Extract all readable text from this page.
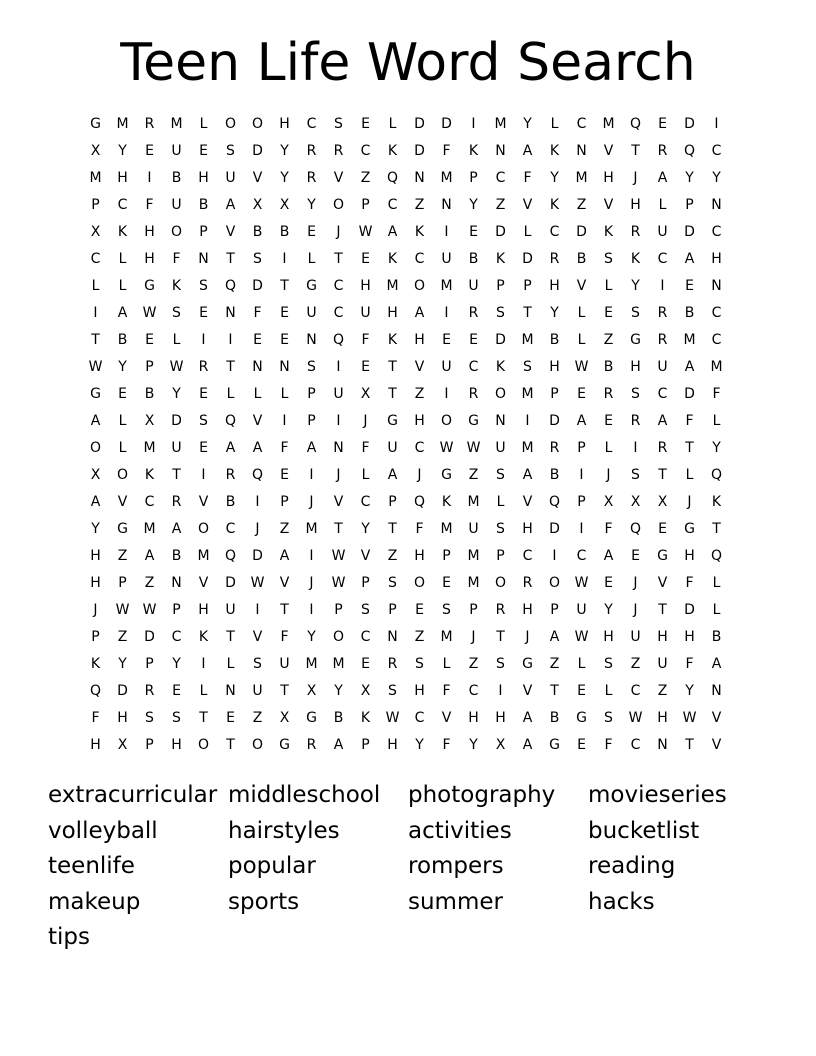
Teen Life Word Search
G	M	R	M	L	O	O	H	C	S	E	L	D	D	I	M	Y	L	C	M	Q	E	D	I
X	Y	E	U	E	S	D	Y	R	R	C	K	D	F	K	N	A	K	N	V	T	R	Q	C
M	H	I	B	H	U	V	Y	R	V	Z	Q	N	M	P	C	F	Y	M	H	J	A	Y	Y
P	C	F	U	B	A	X	X	Y	O	P	C	Z	N	Y	Z	V	K	Z	V	H	L	P	N
X	K	H	O	P	V	B	B	E	J	W	A	K	I	E	D	L	C	D	K	R	U	D	C
C	L	H	F	N	T	S	I	L	T	E	K	C	U	B	K	D	R	B	S	K	C	A	H
L	L	G	K	S	Q	D	T	G	C	H	M	O	M	U	P	P	H	V	L	Y	I	E	N
I	A	W	S	E	N	F	E	U	C	U	H	A	I	R	S	T	Y	L	E	S	R	B	C
T	B	E	L	I	I	E	E	N	Q	F	K	H	E	E	D	M	B	L	Z	G	R	M	C
W	Y	P	W	R	T	N	N	S	I	E	T	V	U	C	K	S	H	W	B	H	U	A	M
G	E	B	Y	E	L	L	L	P	U	X	T	Z	I	R	O	M	P	E	R	S	C	D	F
A	L	X	D	S	Q	V	I	P	I	J	G	H	O	G	N	I	D	A	E	R	A	F	L
O	L	M	U	E	A	A	F	A	N	F	U	C	W W	U	M	R	P	L	I	R	T	Y
X	O	K	T	I	R	Q	E	I	J	L	A	J	G	Z	S	A	B	I	J	S	T	L	Q
A	V	C	R	V	B	I	P	J	V	C	P	Q	K	M	L	V	Q	P	X	X	X	J	K
Y	G	M	A	O	C	J	Z	M	T	Y	T	F	M	U	S	H	D	I	F	Q	E	G	T
H	Z	A	B	M	Q	D	A	I	W	V	Z	H	P	M	P	C	I	C	A	E	G	H	Q
H	P	Z	N	V	D	W	V	J	W	P	S	O	E	M	O	R	O	W	E	J	V	F	L
J	W W	P	H	U	I	T	I	P	S	P	E	S	P	R	H	P	U	Y	J	T	D	L
P	Z	D	C	K	T	V	F	Y	O	C	N	Z	M	J	T	J	A	W	H	U	H	H	B
K	Y	P	Y	I	L	S	U	M	M	E	R	S	L	Z	S	G	Z	L	S	Z	U	F	A
Q	D	R	E	L	N	U	T	X	Y	X	S	H	F	C	I	V	T	E	L	C	Z	Y	N
F	H	S	S	T	E	Z	X	G	B	K	W	C	V	H	H	A	B	G	S	W	H	W	V
H	X	P	H	O	T	O	G	R	A	P	H	Y	F	Y	X	A	G	E	F	C	N	T	V
extracurricular middleschool	photography	movieseries
volleyball	hairstyles	activities	bucketlist
teenlife	popular	rompers	reading
makeup	sports	summer	hacks
tips
